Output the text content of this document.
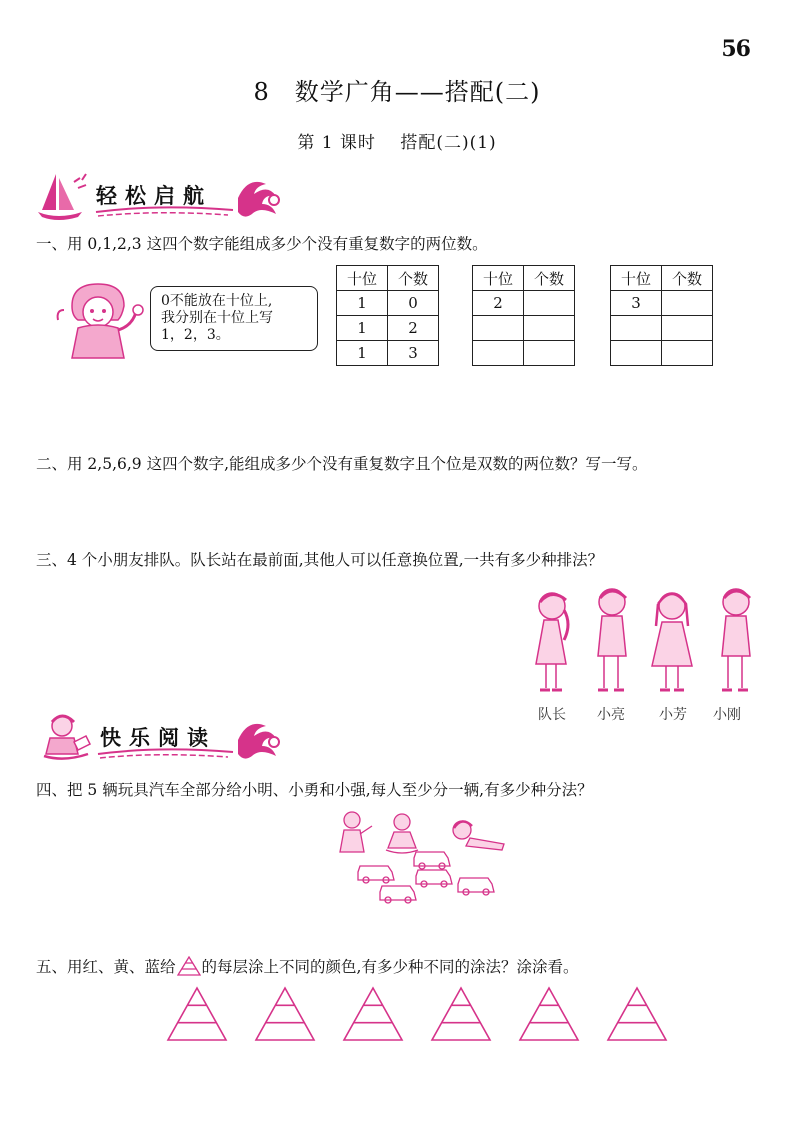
56
8　数学广角——搭配(二)
第 1 课时　 搭配(二)(1)
轻松启航
一、用 0,1,2,3 这四个数字能组成多少个没有重复数字的两位数。
0不能放在十位上,
我分别在十位上写
1，2，3。
十位	个数
1	0
1	2
1	3
十位	个数
2	

十位	个数
3	

二、用 2,5,6,9 这四个数字,能组成多少个没有重复数字且个位是双数的两位数？写一写。
三、4 个小朋友排队。队长站在最前面,其他人可以任意换位置,一共有多少种排法？
队长	小亮	小芳	小刚
快乐阅读
四、把 5 辆玩具汽车全部分给小明、小勇和小强,每人至少分一辆,有多少种分法？
五、用红、黄、蓝给 的每层涂上不同的颜色,有多少种不同的涂法？涂涂看。
